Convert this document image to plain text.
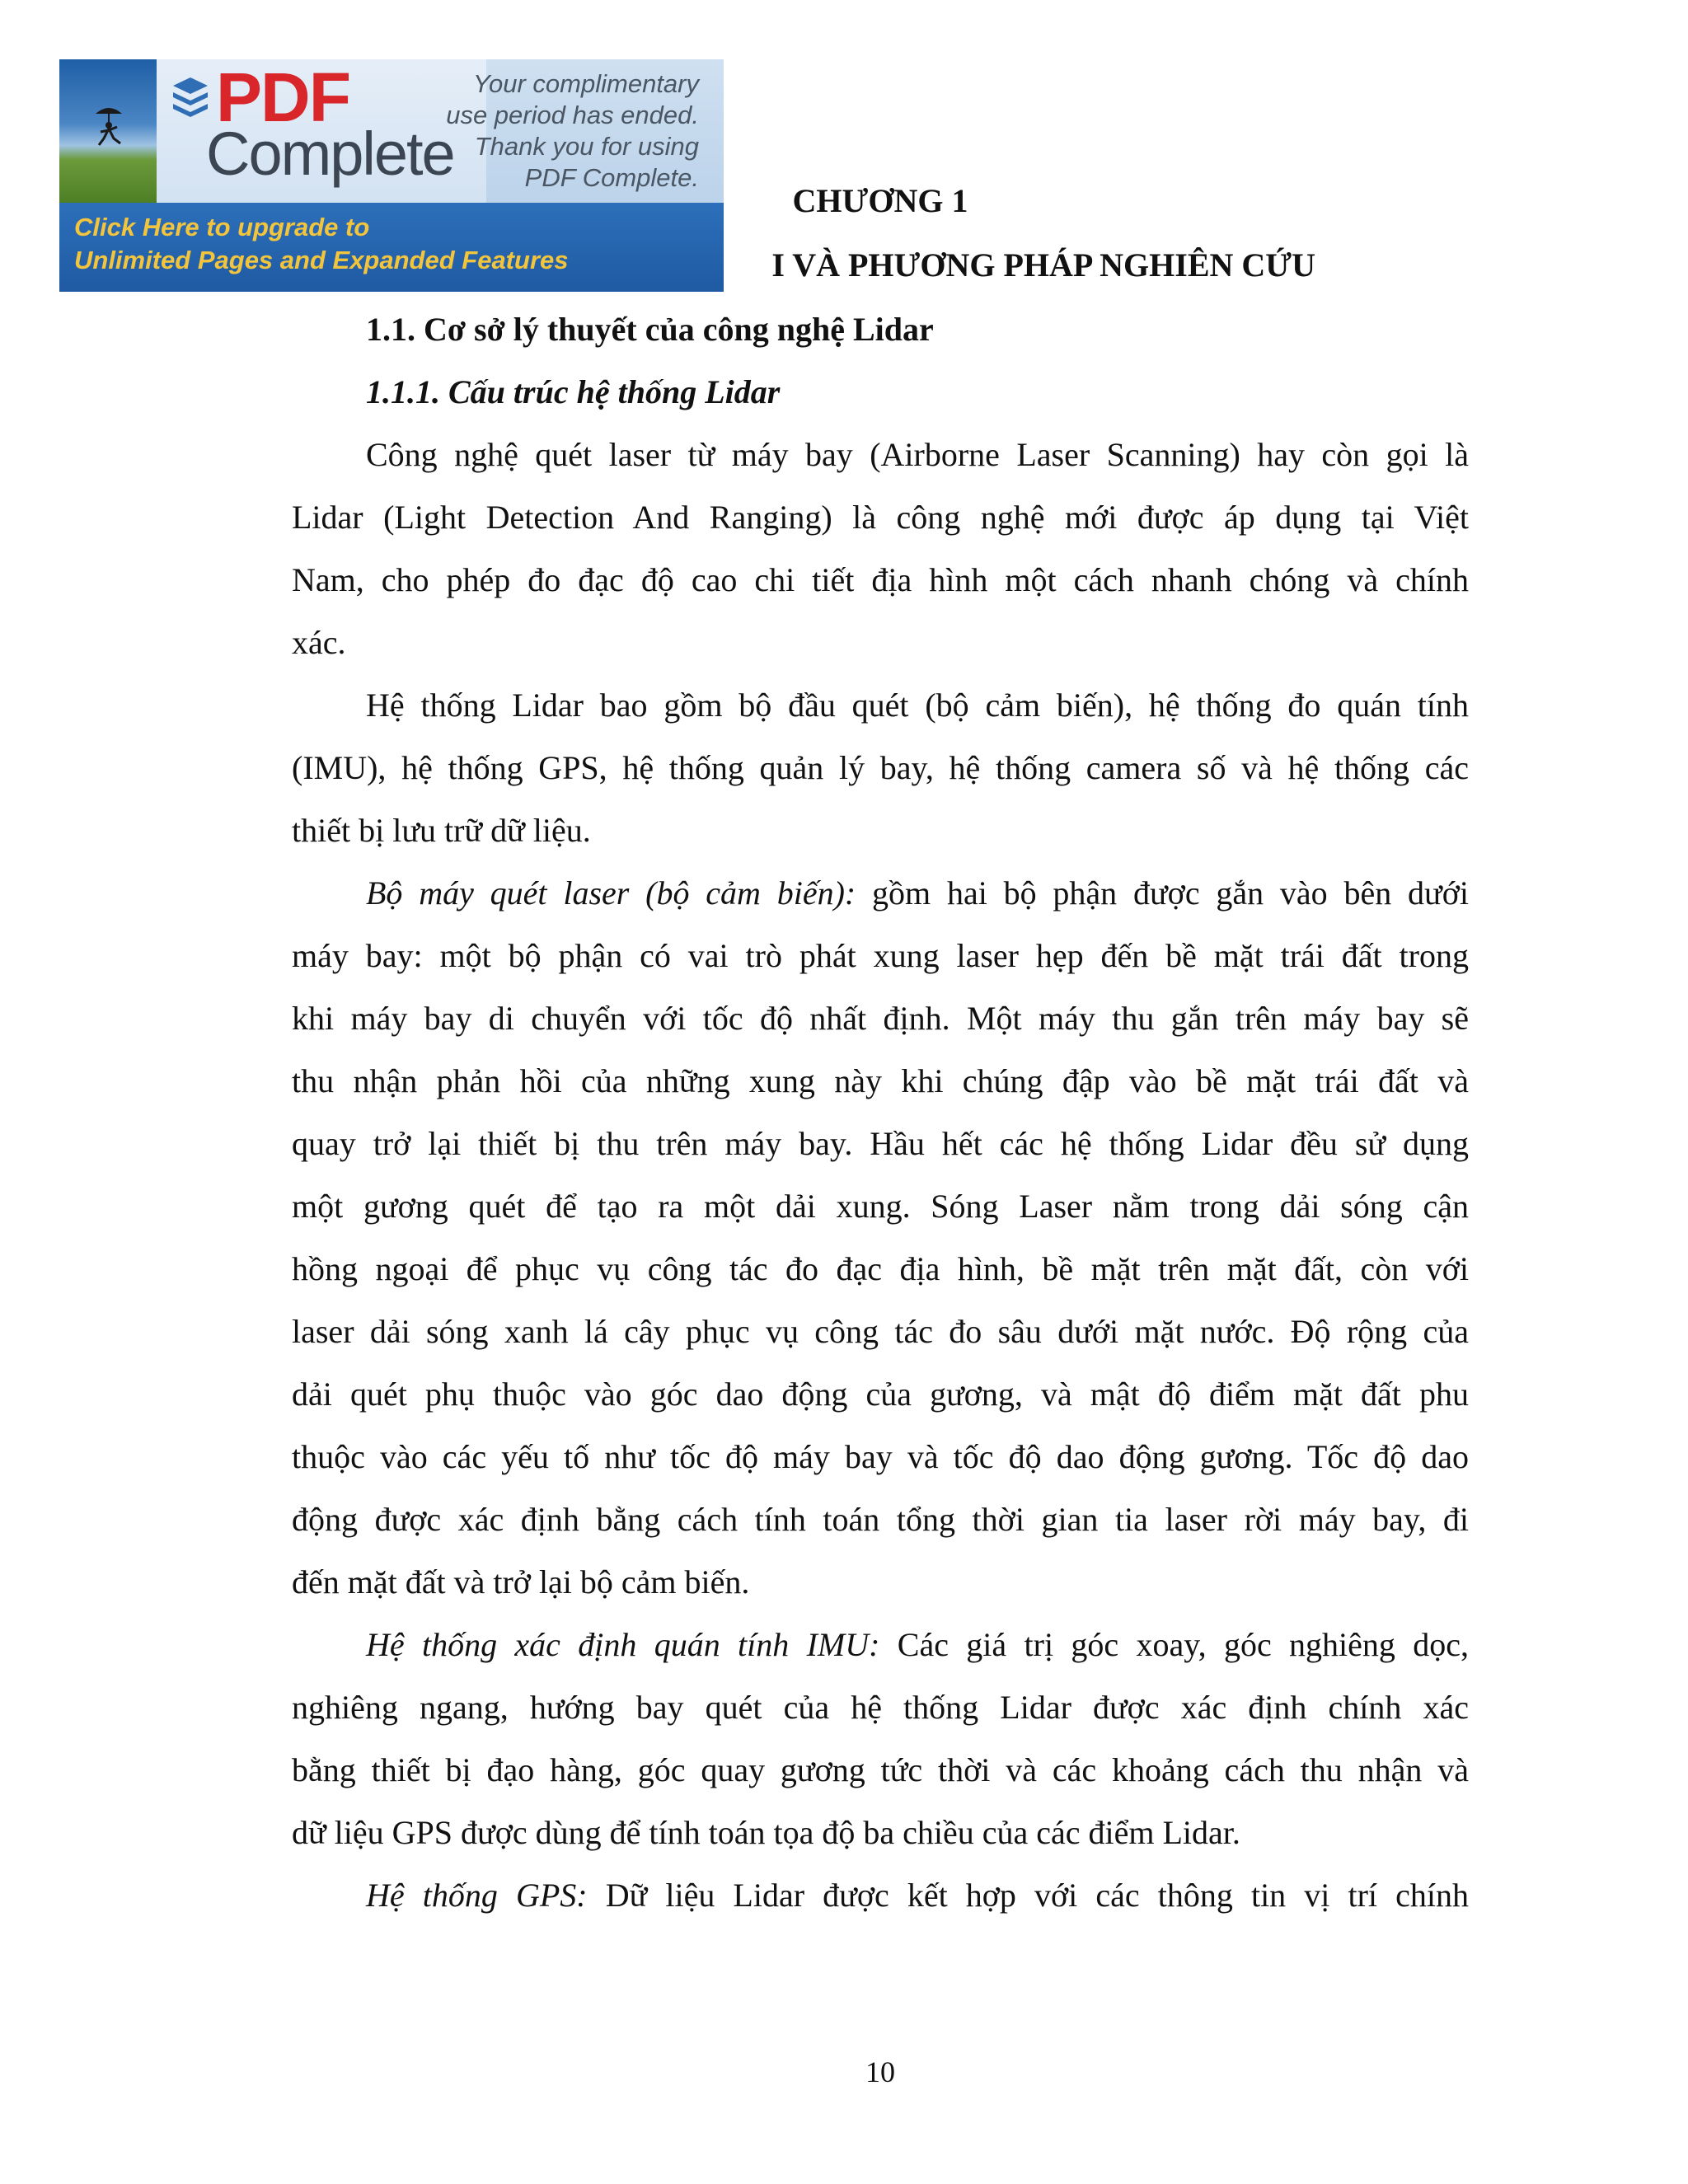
PDF
Complete
Your complimentary
use period has ended.
Thank you for using
PDF Complete.
Click Here to upgrade to
Unlimited Pages and Expanded Features
CHƯƠNG 1
I VÀ PHƯƠNG PHÁP NGHIÊN CỨU
1.1. Cơ sở lý thuyết của công nghệ Lidar
1.1.1. Cấu trúc hệ thống Lidar
Công nghệ quét laser từ máy bay (Airborne Laser Scanning) hay còn gọi là
Lidar (Light Detection And Ranging) là công nghệ mới được áp dụng tại Việt
Nam, cho phép đo đạc độ cao chi tiết địa hình một cách nhanh chóng và chính
xác.
Hệ thống Lidar bao gồm bộ đầu quét (bộ cảm biến), hệ thống đo quán tính
(IMU), hệ thống GPS, hệ thống quản lý bay, hệ thống camera số và hệ thống các
thiết bị lưu trữ dữ liệu.
Bộ máy quét laser (bộ cảm biến): gồm hai bộ phận được gắn vào bên dưới
máy bay: một bộ phận có vai trò phát xung laser hẹp đến bề mặt trái đất trong
khi máy bay di chuyển với tốc độ nhất định. Một máy thu gắn trên máy bay sẽ
thu nhận phản hồi của những xung này khi chúng đập vào bề mặt trái đất và
quay trở lại thiết bị thu trên máy bay. Hầu hết các hệ thống Lidar đều sử dụng
một gương quét để tạo ra một dải xung. Sóng Laser nằm trong dải sóng cận
hồng ngoại để phục vụ công tác đo đạc địa hình, bề mặt trên mặt đất, còn với
laser dải sóng xanh lá cây phục vụ công tác đo sâu dưới mặt nước. Độ rộng của
dải quét phụ thuộc vào góc dao động của gương, và mật độ điểm mặt đất phu
thuộc vào các yếu tố như tốc độ máy bay và tốc độ dao động gương. Tốc độ dao
động được xác định bằng cách tính toán tổng thời gian tia laser rời máy bay, đi
đến mặt đất và trở lại bộ cảm biến.
Hệ thống xác định quán tính IMU: Các giá trị góc xoay, góc nghiêng dọc,
nghiêng ngang, hướng bay quét của hệ thống Lidar được xác định chính xác
bằng thiết bị đạo hàng, góc quay gương tức thời và các khoảng cách thu nhận và
dữ liệu GPS được dùng để tính toán tọa độ ba chiều của các điểm Lidar.
Hệ thống GPS: Dữ liệu Lidar được kết hợp với các thông tin vị trí chính
10
